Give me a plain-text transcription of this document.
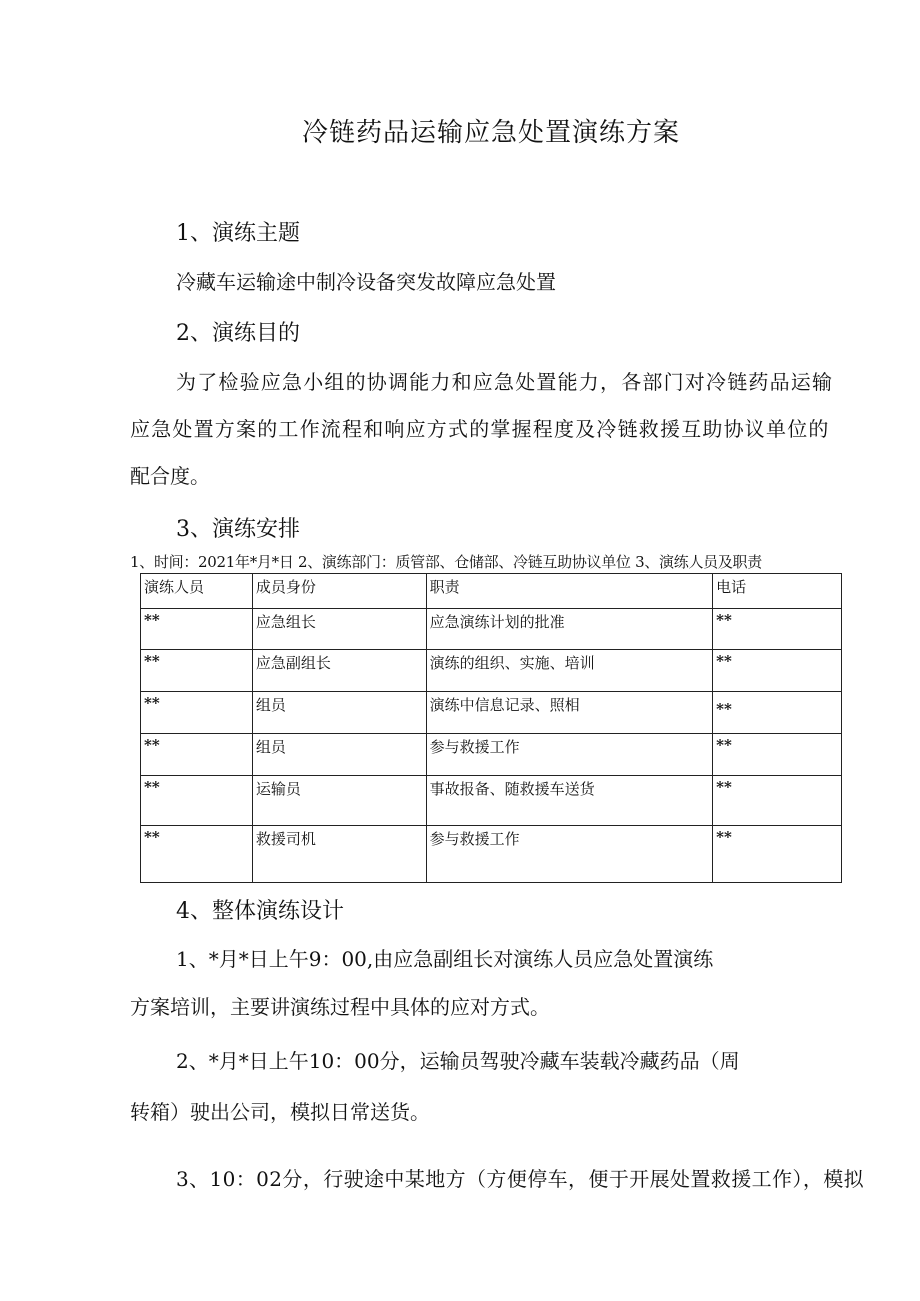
冷链药品运输应急处置演练方案
1、演练主题
冷藏车运输途中制冷设备突发故障应急处置
2、演练目的
为了检验应急小组的协调能力和应急处置能力，各部门对冷链药品运输
应急处置方案的工作流程和响应方式的掌握程度及冷链救援互助协议单位的
配合度。
3、演练安排
1、时间：2021年*月*日 2、演练部门：质管部、仓储部、冷链互助协议单位 3、演练人员及职责
演练人员	成员身份	职责	电话
**	应急组长	应急演练计划的批准	**
**	应急副组长	演练的组织、实施、培训	**
**	组员	演练中信息记录、照相	**
**	组员	参与救援工作	**
**	运输员	事故报备、随救援车送货	**
**	救援司机	参与救援工作	**
4、整体演练设计
1、*月*日上午9：00,由应急副组长对演练人员应急处置演练
方案培训，主要讲演练过程中具体的应对方式。
2、*月*日上午10：00分，运输员驾驶冷藏车装载冷藏药品（周
转箱）驶出公司，模拟日常送货。
3、10：02分，行驶途中某地方（方便停车，便于开展处置救援工作），模拟
